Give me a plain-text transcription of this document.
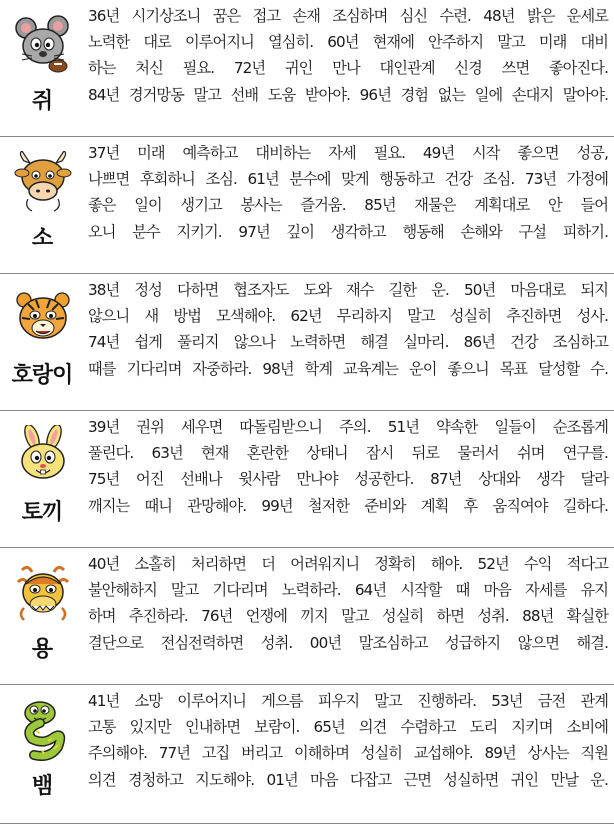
쥐

36년 시기상조니 꿈은 접고 손재 조심하며 심신 수련. 48년 밝은 운세로
노력한 대로 이루어지니 열심히. 60년 현재에 안주하지 말고 미래 대비
하는 처신 필요. 72년 귀인 만나 대인관계 신경 쓰면 좋아진다.
84년 경거망동 말고 선배 도움 받아야. 96년 경험 없는 일에 손대지 말아야.

소

37년 미래 예측하고 대비하는 자세 필요. 49년 시작 좋으면 성공,
나쁘면 후회하니 조심. 61년 분수에 맞게 행동하고 건강 조심. 73년 가정에
좋은 일이 생기고 봉사는 즐거움. 85년 재물은 계획대로 안 들어
오니 분수 지키기. 97년 깊이 생각하고 행동해 손해와 구설 피하기.

호랑이

38년 정성 다하면 협조자도 도와 재수 길한 운. 50년 마음대로 되지
않으니 새 방법 모색해야. 62년 무리하지 말고 성실히 추진하면 성사.
74년 쉽게 풀리지 않으나 노력하면 해결 실마리. 86년 건강 조심하고
때를 기다리며 자중하라. 98년 학계 교육계는 운이 좋으니 목표 달성할 수.

토끼

39년 권위 세우면 따돌림받으니 주의. 51년 약속한 일들이 순조롭게
풀린다. 63년 현재 혼란한 상태니 잠시 뒤로 물러서 쉬며 연구를.
75년 어진 선배나 윗사람 만나야 성공한다. 87년 상대와 생각 달라
깨지는 때니 관망해야. 99년 철저한 준비와 계획 후 움직여야 길하다.

용

40년 소홀히 처리하면 더 어려워지니 정확히 해야. 52년 수익 적다고
불안해하지 말고 기다리며 노력하라. 64년 시작할 때 마음 자세를 유지
하며 추진하라. 76년 언쟁에 끼지 말고 성실히 하면 성취. 88년 확실한
결단으로 전심전력하면 성취. 00년 말조심하고 성급하지 않으면 해결.

뱀

41년 소망 이루어지니 게으름 피우지 말고 진행하라. 53년 금전 관계
고통 있지만 인내하면 보람이. 65년 의견 수렴하고 도리 지키며 소비에
주의해야. 77년 고집 버리고 이해하며 성실히 교섭해야. 89년 상사는 직원
의견 경청하고 지도해야. 01년 마음 다잡고 근면 성실하면 귀인 만날 운.
